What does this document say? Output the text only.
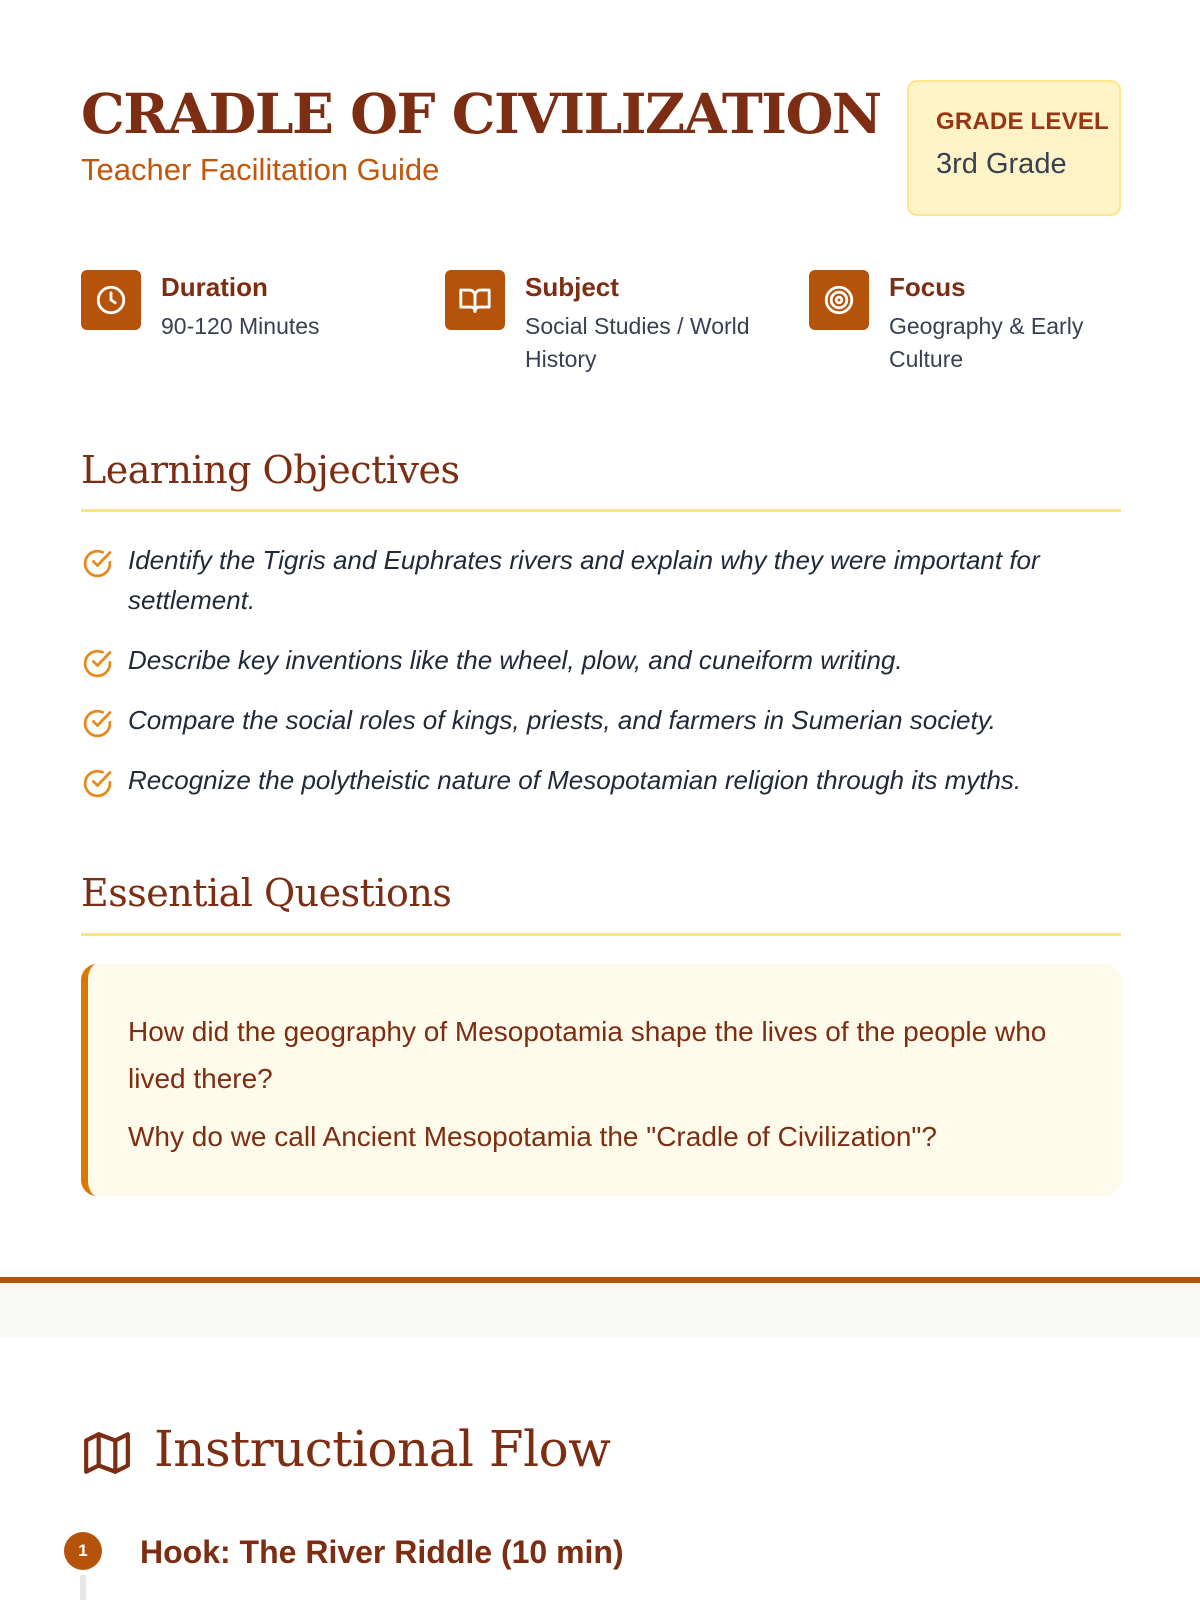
CRADLE OF CIVILIZATION
Teacher Facilitation Guide
GRADE LEVEL
3rd Grade
Duration
90-120 Minutes
Subject
Social Studies / World History
Focus
Geography & Early Culture
Learning Objectives
Identify the Tigris and Euphrates rivers and explain why they were important for settlement.
Describe key inventions like the wheel, plow, and cuneiform writing.
Compare the social roles of kings, priests, and farmers in Sumerian society.
Recognize the polytheistic nature of Mesopotamian religion through its myths.
Essential Questions
How did the geography of Mesopotamia shape the lives of the people who lived there?
Why do we call Ancient Mesopotamia the "Cradle of Civilization"?
Instructional Flow
1	Hook: The River Riddle (10 min)
